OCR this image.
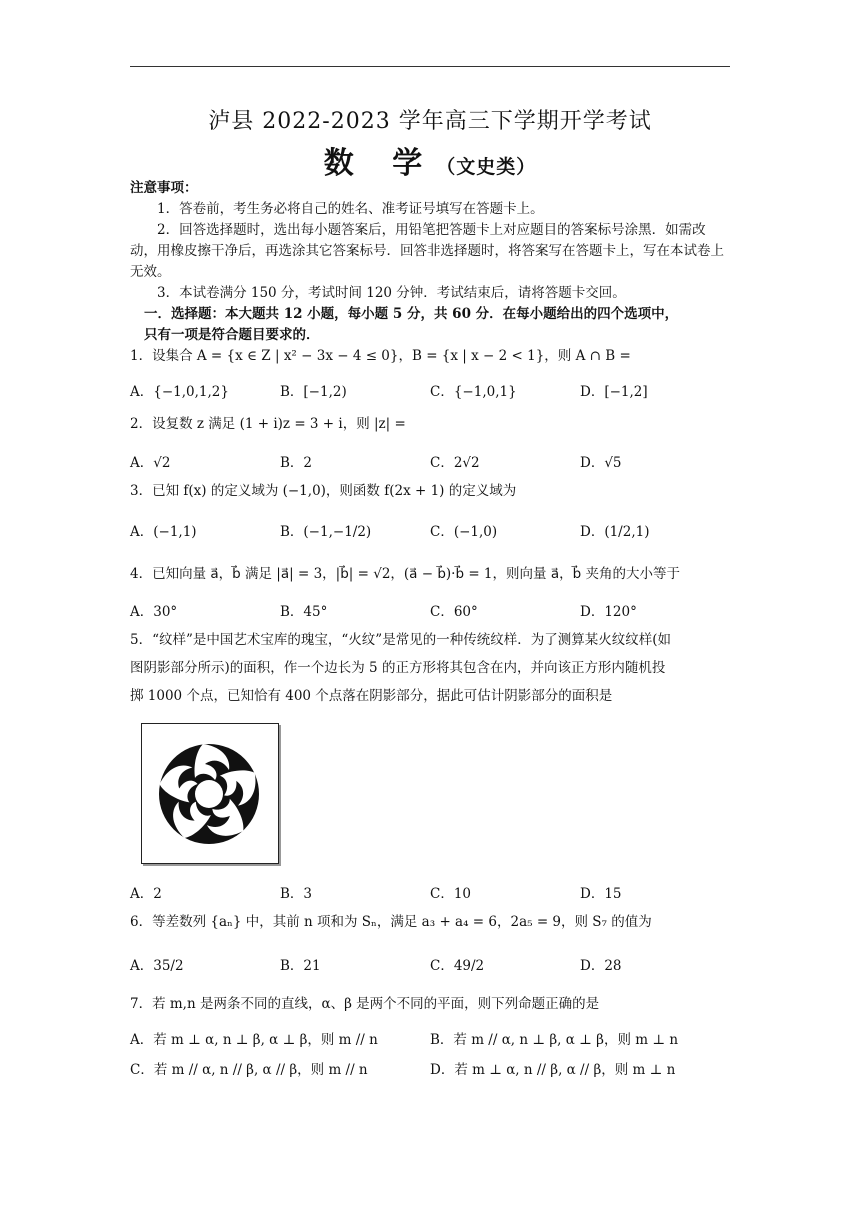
泸县 2022-2023 学年高三下学期开学考试
数 学（文史类）
注意事项：
1．答卷前，考生务必将自己的姓名、准考证号填写在答题卡上。
2．回答选择题时，选出每小题答案后，用铅笔把答题卡上对应题目的答案标号涂黑．如需改动，用橡皮擦干净后，再选涂其它答案标号．回答非选择题时，将答案写在答题卡上，写在本试卷上无效。
3．本试卷满分 150 分，考试时间 120 分钟．考试结束后，请将答题卡交回。
一．选择题：本大题共 12 小题，每小题 5 分，共 60 分．在每小题给出的四个选项中，
只有一项是符合题目要求的．
1．设集合 A = {x ∈ Z | x² − 3x − 4 ≤ 0}，B = {x | x − 2 < 1}，则 A ∩ B =
A．{−1,0,1,2}	B．[−1,2)	C．{−1,0,1}	D．[−1,2]
2．设复数 z 满足 (1 + i)z = 3 + i，则 |z| =
A．√2	B．2	C．2√2	D．√5
3．已知 f(x) 的定义域为 (−1,0)，则函数 f(2x + 1) 的定义域为
A．(−1,1)	B．(−1,−1/2)	C．(−1,0)	D．(1/2,1)
4．已知向量 a⃗，b⃗ 满足 |a⃗| = 3，|b⃗| = √2，(a⃗ − b⃗)·b⃗ = 1，则向量 a⃗，b⃗ 夹角的大小等于
A．30°	B．45°	C．60°	D．120°
5．“纹样”是中国艺术宝库的瑰宝，“火纹”是常见的一种传统纹样．为了测算某火纹纹样(如
图阴影部分所示)的面积，作一个边长为 5 的正方形将其包含在内，并向该正方形内随机投
掷 1000 个点，已知恰有 400 个点落在阴影部分，据此可估计阴影部分的面积是
A．2	B．3	C．10	D．15
6．等差数列 {aₙ} 中，其前 n 项和为 Sₙ，满足 a₃ + a₄ = 6，2a₅ = 9，则 S₇ 的值为
A．35/2	B．21	C．49/2	D．28
7．若 m,n 是两条不同的直线，α、β 是两个不同的平面，则下列命题正确的是
A．若 m ⊥ α, n ⊥ β, α ⊥ β，则 m // n	B．若 m // α, n ⊥ β, α ⊥ β，则 m ⊥ n
C．若 m // α, n // β, α // β，则 m // n	D．若 m ⊥ α, n // β, α // β，则 m ⊥ n
